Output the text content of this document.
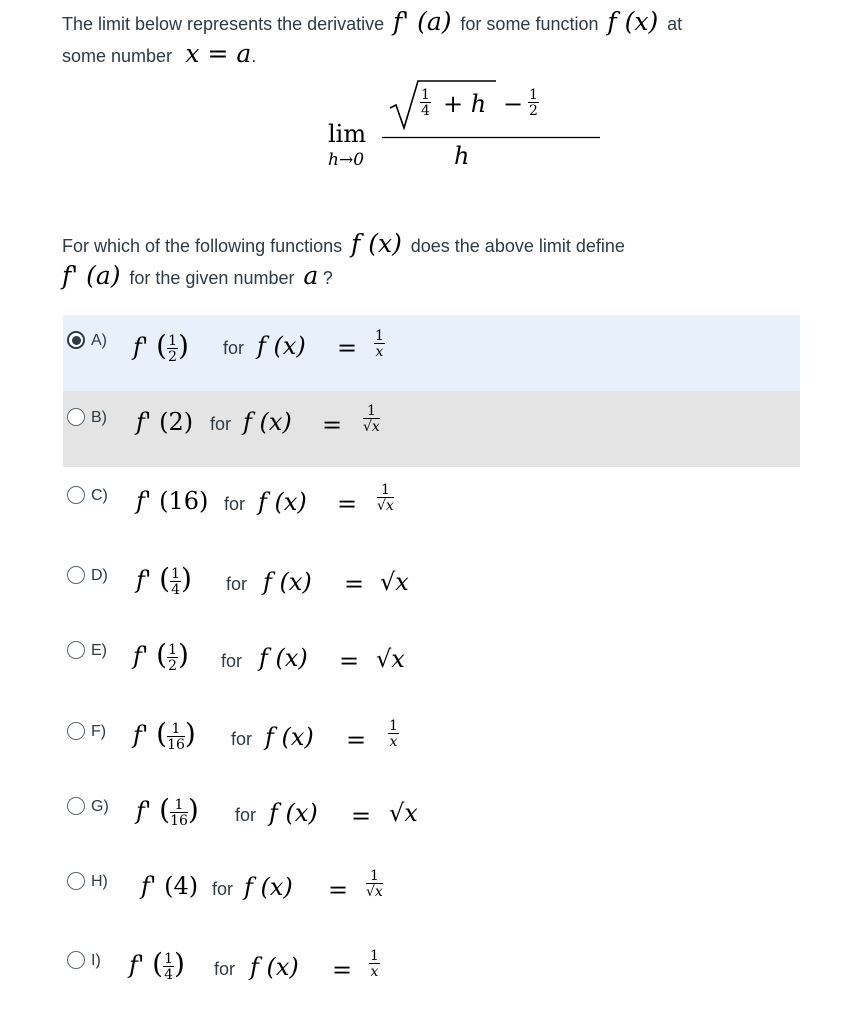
The limit below represents the derivative f' (a) for some function f (x) at
some number x = a.
lim
h→0
1
4 + h − 1
2
h
For which of the following functions f (x) does the above limit define
f' (a) for the given number a ?
A) f' ( $\frac{1}{2}$ ) for f (x) = 1
x
B) f' (2) for f (x) = 1
√x
C) f' (16) for f (x) = 1
√x
D) f' ( $\frac{1}{4}$ ) for f (x) = √x
E) f' ( $\frac{1}{2}$ ) for f (x) = √x
F) f' ( $\frac{1}{16}$ ) for f (x) = 1
x
G) f' ( $\frac{1}{16}$ ) for f (x) = √x
H) f' (4) for f (x) = 1
√x
I) f' ( $\frac{1}{4}$ ) for f (x) = 1
x
